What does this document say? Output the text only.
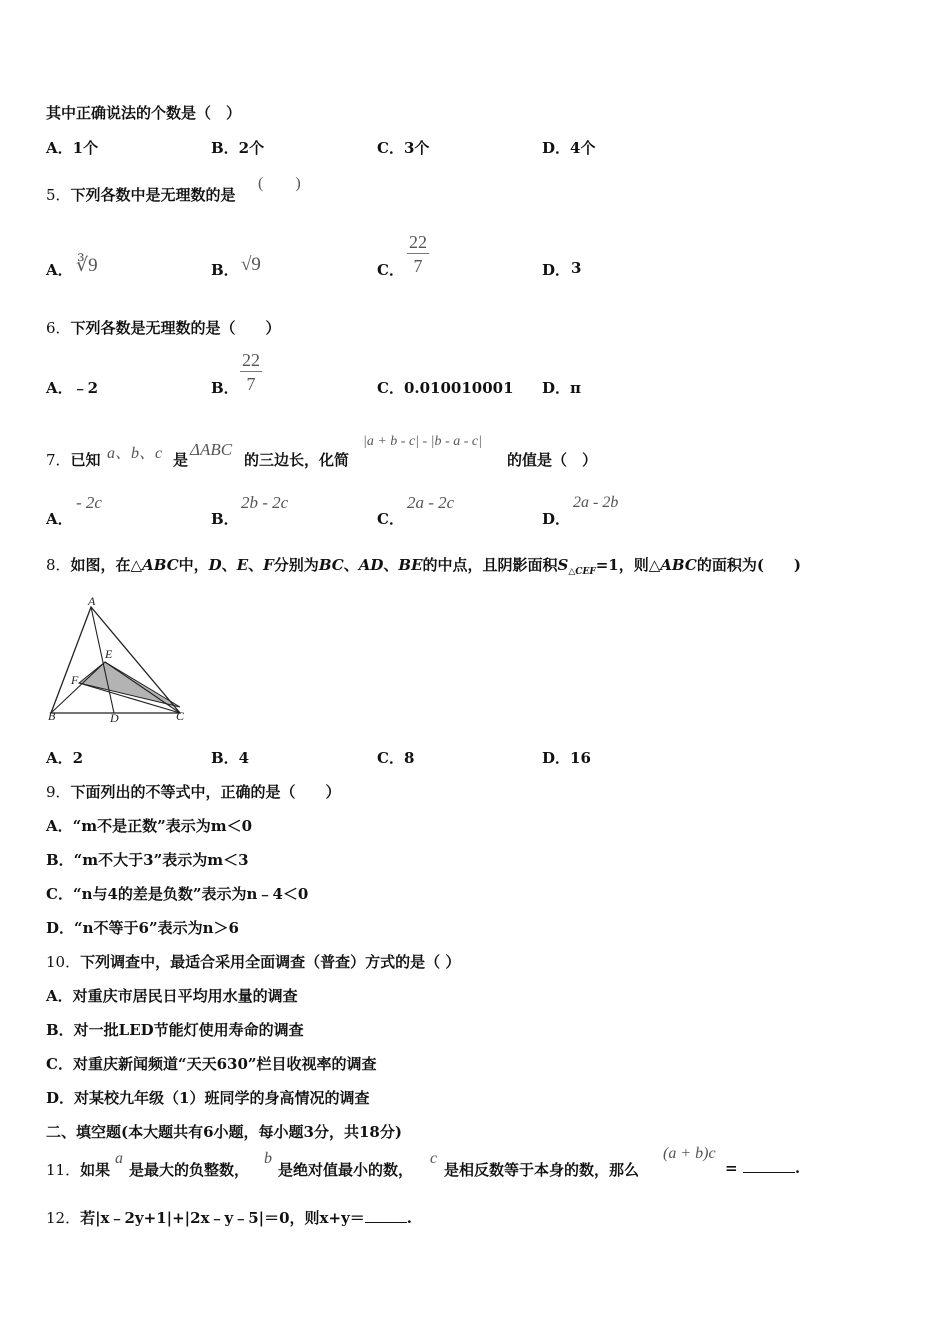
其中正确说法的个数是（　）
A．1个	B．2个	C．3个	D．4个
5．下列各数中是无理数的是
(　　)
A． ∛9	B． √9	C． $\frac{22}{7}$	D． 3
6．下列各数是无理数的是（　　）
A．﹣2	B． $\frac{22}{7}$	C．0.010010001 D．π
7．已知 a、b、c 是
ΔABC
的三边长，化简
|a + b - c| - |b - a - c|
的值是（　）
A．
- 2c
B．
2b - 2c
C．
2a - 2c
D．
2a - 2b
8．如图，在△ABC中，D、E、F分别为BC、AD、BE的中点，且阴影面积$S_{\triangle CEF}=1$，则△ABC的面积为(　　)
A
B	C
D
E
F
A．2	B．4	C．8	D．16
9．下面列出的不等式中，正确的是（　　）
A．“m不是正数”表示为m＜0
B．“m不大于3”表示为m＜3
C．“n与4的差是负数”表示为n﹣4＜0
D．“n不等于6”表示为n＞6
10．下列调查中，最适合采用全面调查（普查）方式的是（ ）
A．对重庆市居民日平均用水量的调查
B．对一批LED节能灯使用寿命的调查
C．对重庆新闻频道“天天630”栏目收视率的调查
D．对某校九年级（1）班同学的身高情况的调查
二、填空题(本大题共有6小题，每小题3分，共18分)
11．如果
a
是最大的负整数，
b
是绝对值最小的数，
c
是相反数等于本身的数，那么
(a + b)c
=	.
12．若|x﹣2y+1|+|2x﹣y﹣5|＝0，则x+y＝	.
